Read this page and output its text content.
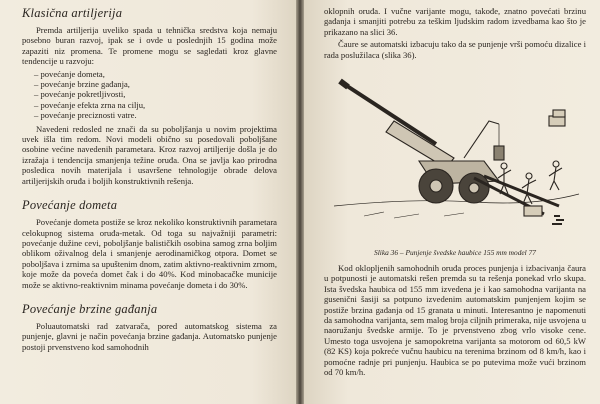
Klasična artiljerija

Premda artiljerija uveliko spada u tehnička sredstva koja nemaju posebno buran razvoj, ipak se i ovde u poslednjih 15 godina može zapaziti niz promena. Te promene mogu se sagledati kroz glavne tendencije u razvoju:

– povećanje dometa,
– povećanje brzine gađanja,
– povećanje pokretljivosti,
– povećanje efekta zrna na cilju,
– povećanje preciznosti vatre.

Navedeni redosled ne znači da su poboljšanja u novim projektima uvek išla tim redom. Novi modeli obično su posedovali poboljšane osobine većine navedenih parametara. Kroz razvoj artiljerije došla je do izražaja i tendencija smanjenja težine oruđa. Ona se javlja kao prirodna posledica novih materijala i usavršene tehnologije obrade delova artiljerijskih oruđa i boljih konstruktivnih rešenja.

Povećanje dometa

Povećanje dometa postiže se kroz nekoliko konstruktivnih parametara celokupnog sistema oruđa-metak. Od toga su najvažniji parametri: povećanje dužine cevi, poboljšanje balističkih osobina samog zrna boljim oblikom oživalnog dela i smanjenje aerodinamičkog otpora. Domet se poboljšava i zrnima sa upuštenim dnom, zatim aktivno-reaktivnim zrnom, koje može da poveća domet čak i do 40%. Kod minobacačke municije može se aktivno-reaktivnim minama povećanje dometa i do 30%.

Povećanje brzine gađanja

Poluautomatski rad zatvarača, pored automatskog sistema za punjenje, glavni je način povećanja brzine gađanja. Automatsko punjenje postoji prvenstveno kod samohodnih

oklopnih oruđa. I vučne varijante mogu, takođe, znatno povećati brzinu gađanja i smanjiti potrebu za teškim ljudskim radom izvedbama kao što je prikazano na slici 36.

Čaure se automatski izbacuju tako da se punjenje vrši pomoću dizalice i rada poslužilaca (slika 36).

Slika 36 – Punjenje švedske haubice 155 mm model 77

Kod oklopljenih samohodnih oruđa proces punjenja i izbacivanja čaura u potpunosti je automatski rešen premda su ta rešenja ponekad vrlo skupa. Ista švedska haubica od 155 mm izvedena je i kao samohodna varijanta na gusenični šasiji sa potpuno izvedenim automatskim punjenjem kojim se postiže brzina gađanja od 15 granata u minuti. Interesantno je napomenuti da samohodna varijanta, sem malog broja ciljnih primeraka, nije usvojena u naoružanju švedske armije. To je prvenstveno zbog vrlo visoke cene. Umesto toga usvojena je samopokretna varijanta sa motorom od 60,5 kW (82 KS) koja pokreće vučnu haubicu na terenima brzinom od 8 km/h, kao i pomoćne radnje pri punjenju. Haubica se po putevima može vući brzinom od 70 km/h.
